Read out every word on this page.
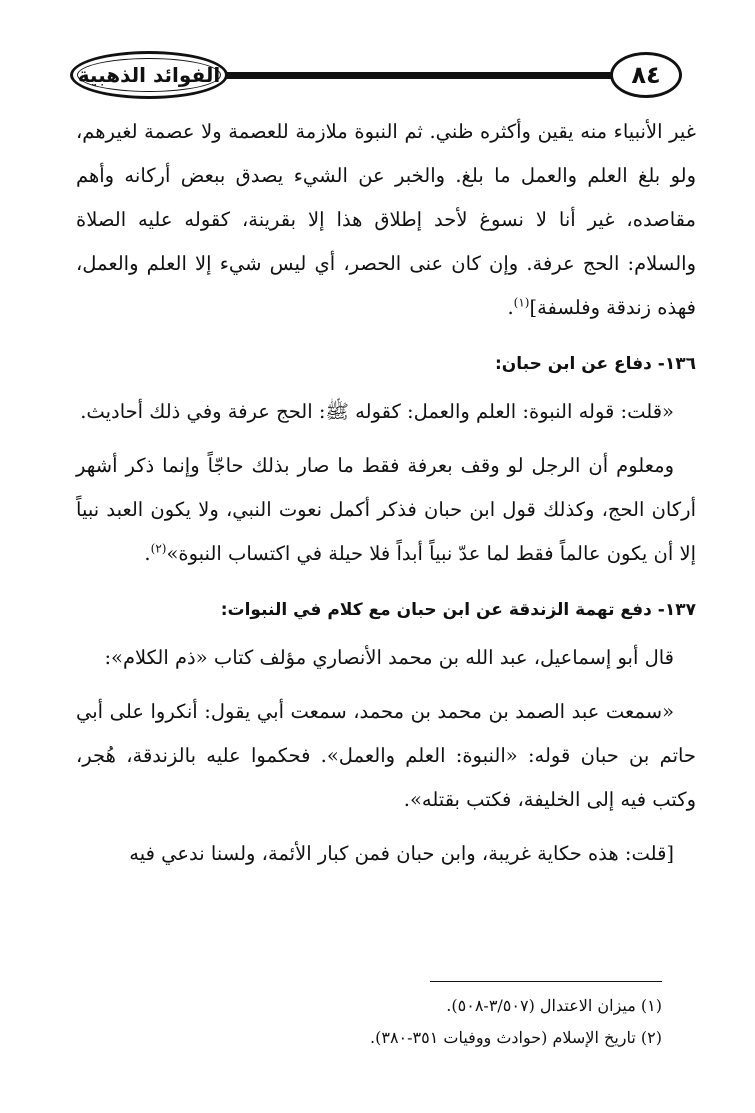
الفوائد الذهبية	٨٤

غير الأنبياء منه يقين وأكثره ظني. ثم النبوة ملازمة للعصمة ولا عصمة لغيرهم، ولو بلغ العلم والعمل ما بلغ. والخبر عن الشيء يصدق ببعض أركانه وأهم مقاصده، غير أنا لا نسوغ لأحد إطلاق هذا إلا بقرينة، كقوله عليه الصلاة والسلام: الحج عرفة. وإن كان عنى الحصر، أي ليس شيء إلا العلم والعمل، فهذه زندقة وفلسفة]$^{(١)}$.

١٣٦- دفاع عن ابن حبان:

«قلت: قوله النبوة: العلم والعمل: كقوله ﷺ: الحج عرفة وفي ذلك أحاديث.

ومعلوم أن الرجل لو وقف بعرفة فقط ما صار بذلك حاجّاً وإنما ذكر أشهر أركان الحج، وكذلك قول ابن حبان فذكر أكمل نعوت النبي، ولا يكون العبد نبياً إلا أن يكون عالماً فقط لما عدّ نبياً أبداً فلا حيلة في اكتساب النبوة»$^{(٢)}$.

١٣٧- دفع تهمة الزندقة عن ابن حبان مع كلام في النبوات:

قال أبو إسماعيل، عبد الله بن محمد الأنصاري مؤلف كتاب «ذم الكلام»:

«سمعت عبد الصمد بن محمد بن محمد، سمعت أبي يقول: أنكروا على أبي حاتم بن حبان قوله: «النبوة: العلم والعمل». فحكموا عليه بالزندقة، هُجر، وكتب فيه إلى الخليفة، فكتب بقتله».

[قلت: هذه حكاية غريبة، وابن حبان فمن كبار الأئمة، ولسنا ندعي فيه

(١) ميزان الاعتدال (٣/٥٠٧-٥٠٨).

(٢) تاريخ الإسلام (حوادث ووفيات ٣٥١-٣٨٠).
